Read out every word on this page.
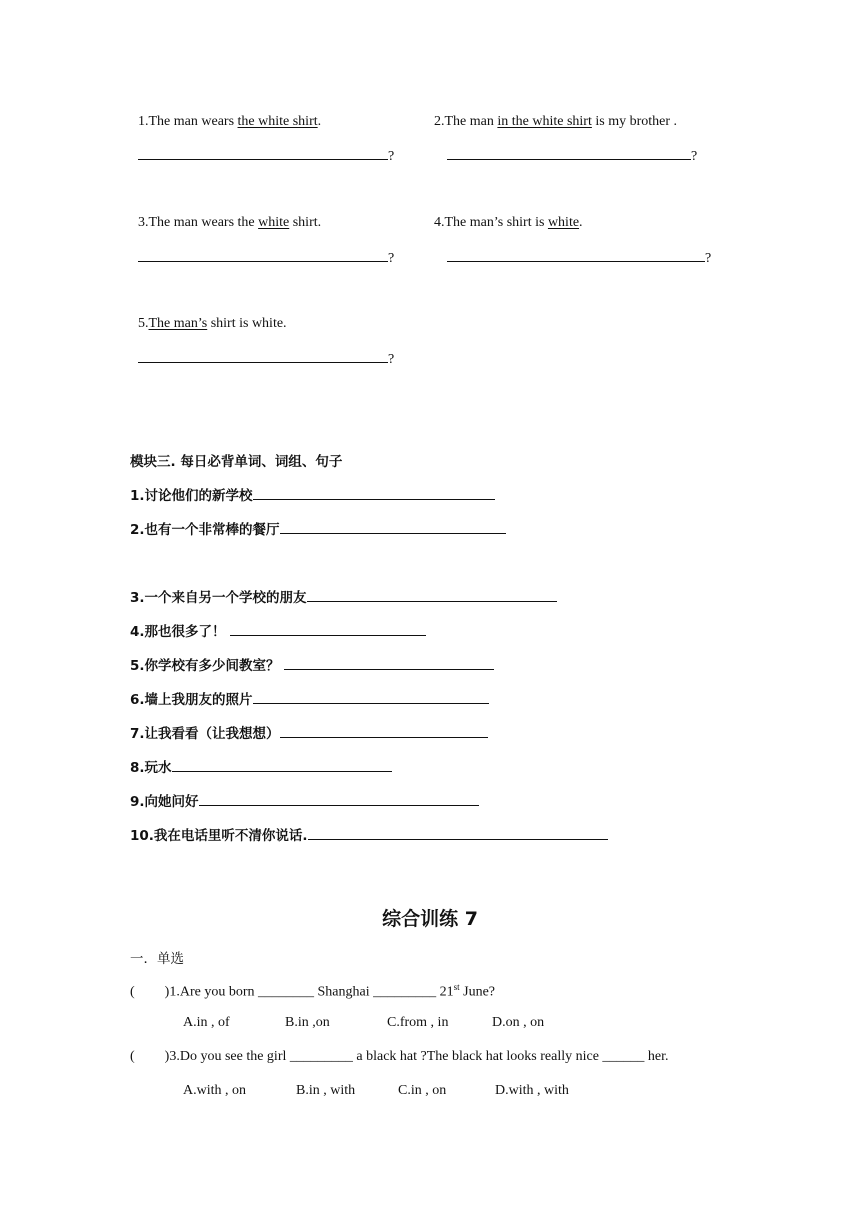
1.The man wears the white shirt.	2.The man in the white shirt is my brother .
?	?
3.The man wears the white shirt.	4.The man’s shirt is white.
?	?
5.The man’s shirt is white.
?
模块三. 每日必背单词、词组、句子
1.讨论他们的新学校
2.也有一个非常棒的餐厅
3.一个来自另一个学校的朋友
4.那也很多了！
5.你学校有多少间教室？
6.墙上我朋友的照片
7.让我看看（让我想想）
8.玩水
9.向她问好
10.我在电话里听不清你说话.
综合训练 7
一．单选
( )1.Are you born ________ Shanghai _________ 21st June?
A.in , of	B.in ,on	C.from , in	D.on , on
( )3.Do you see the girl _________ a black hat ?The black hat looks really nice ______ her.
A.with , on	B.in , with	C.in , on	D.with , with
